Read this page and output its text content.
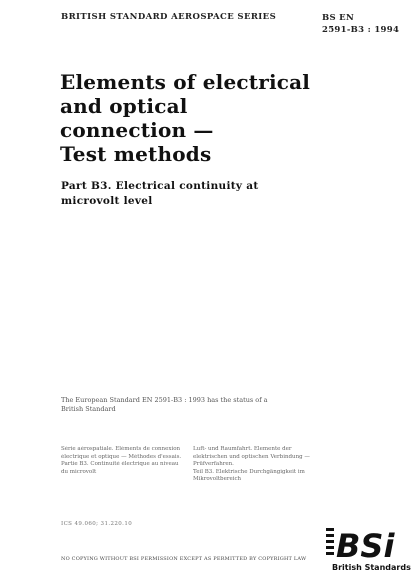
BRITISH STANDARD AEROSPACE SERIES	BS EN
2591-B3 : 1994
Elements of electrical
and optical
connection —
Test methods
Part B3. Electrical continuity at
microvolt level
The European Standard EN 2591-B3 : 1993 has the status of a
British Standard
Série aérospatiale. Éléments de connexion
électrique et optique — Méthodes d'essais.
Partie B3. Continuité électrique au niveau
du microvolt
Luft- und Raumfahrt. Elemente der
elektrischen und optischen Verbindung —
Prüfverfahren.
Teil B3. Elektrische Durchgängigkeit im
Mikrovoltbereich
ICS 49.060; 31.220.10
NO COPYING WITHOUT BSI PERMISSION EXCEPT AS PERMITTED BY COPYRIGHT LAW BSi
British Standards
